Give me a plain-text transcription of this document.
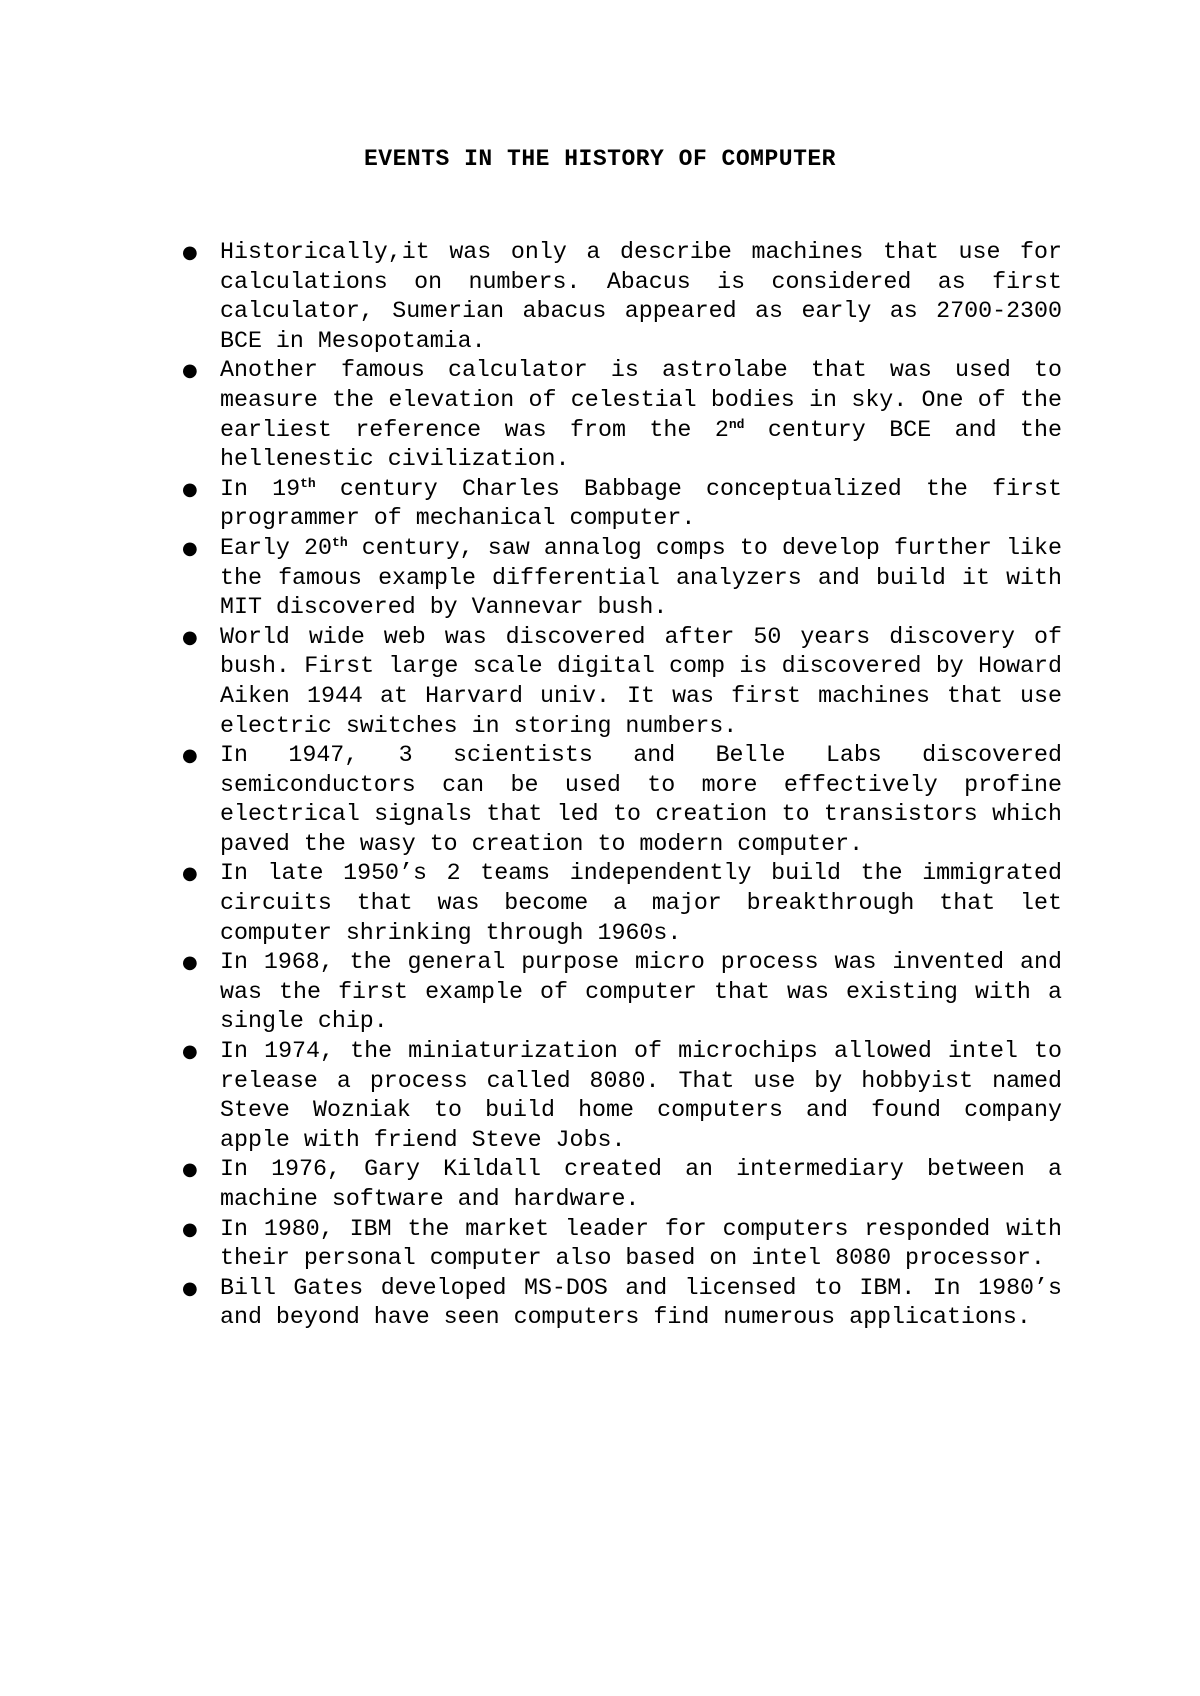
EVENTS IN THE HISTORY OF COMPUTER
● Historically,it was only a describe machines that use for calculations on numbers. Abacus is considered as first calculator, Sumerian abacus appeared as early as 2700-2300 BCE in Mesopotamia.
● Another famous calculator is astrolabe that was used to measure the elevation of celestial bodies in sky. One of the earliest reference was from the 2nd century BCE and the hellenestic civilization.
● In 19th century Charles Babbage conceptualized the first programmer of mechanical computer.
● Early 20th century, saw annalog comps to develop further like the famous example differential analyzers and build it with MIT discovered by Vannevar bush.
● World wide web was discovered after 50 years discovery of bush. First large scale digital comp is discovered by Howard Aiken 1944 at Harvard univ. It was first machines that use electric switches in storing numbers.
● In 1947, 3 scientists and Belle Labs discovered semiconductors can be used to more effectively profine electrical signals that led to creation to transistors which paved the wasy to creation to modern computer.
● In late 1950’s 2 teams independently build the immigrated circuits that was become a major breakthrough that let computer shrinking through 1960s.
● In 1968, the general purpose micro process was invented and was the first example of computer that was existing with a single chip.
● In 1974, the miniaturization of microchips allowed intel to release a process called 8080. That use by hobbyist named Steve Wozniak to build home computers and found company apple with friend Steve Jobs.
● In 1976, Gary Kildall created an intermediary between a machine software and hardware.
● In 1980, IBM the market leader for computers responded with their personal computer also based on intel 8080 processor.
● Bill Gates developed MS-DOS and licensed to IBM. In 1980’s and beyond have seen computers find numerous applications.
